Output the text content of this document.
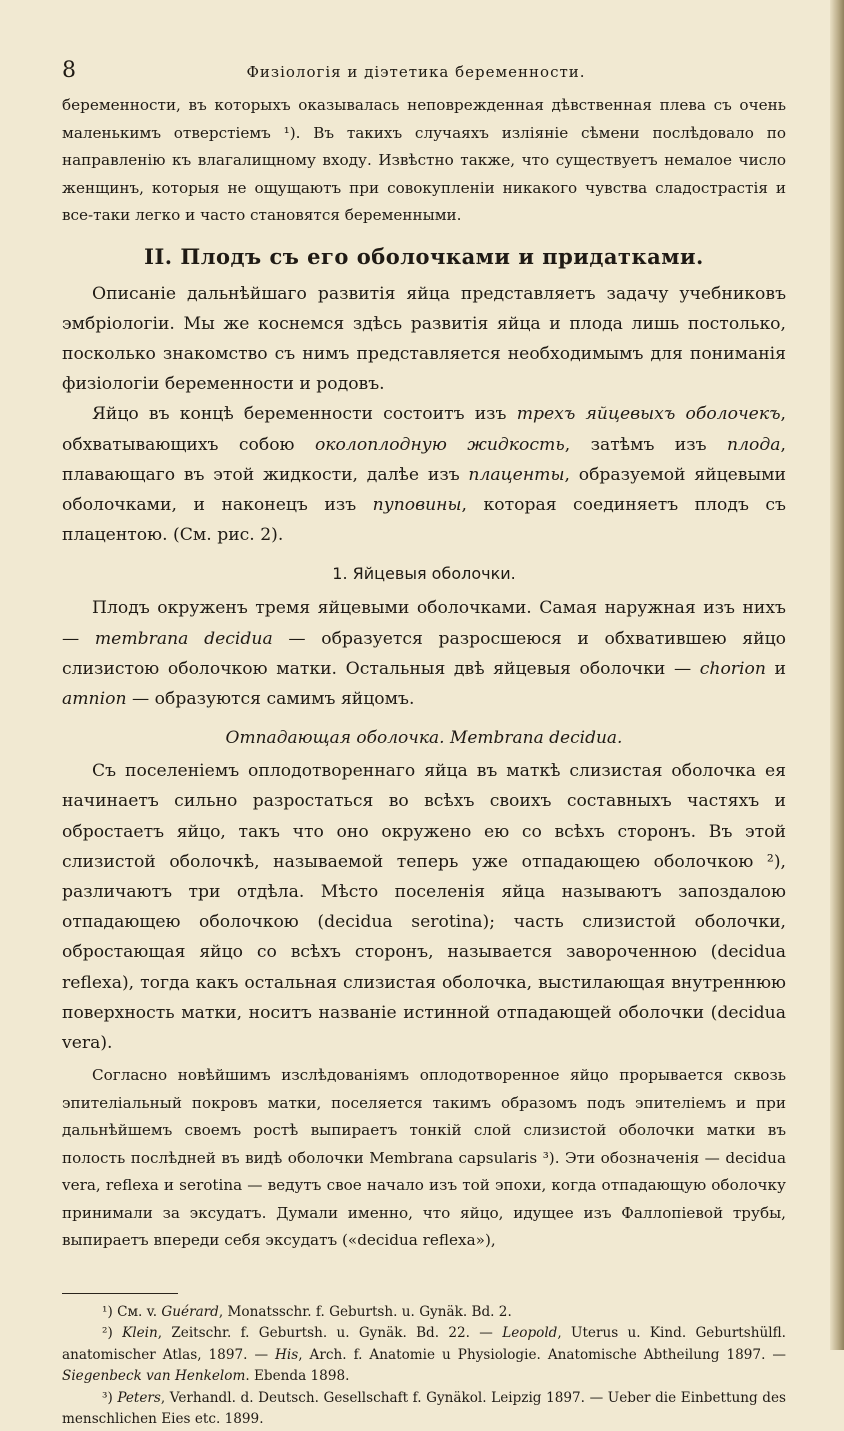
8	Физiологiя и дiэтетика беременности.

беременности, въ которыхъ оказывалась неповрежденная дѣвственная плева съ очень маленькимъ отверстiемъ ¹). Въ такихъ случаяхъ излiянiе сѣмени послѣдовало по направленiю къ влагалищному входу. Извѣстно также, что существуетъ немалое число женщинъ, которыя не ощущаютъ при совокупленiи никакого чувства сладострастiя и все-таки легко и часто становятся беременными.

II. Плодъ съ его оболочками и придатками.

Описанiе дальнѣйшаго развитiя яйца представляетъ задачу учебниковъ эмбрiологiи. Мы же коснемся здѣсь развитiя яйца и плода лишь постолько, посколько знакомство съ нимъ представляется необходимымъ для пониманiя физiологiи беременности и родовъ.

Яйцо въ концѣ беременности состоитъ изъ трехъ яйцевыхъ оболочекъ, обхватывающихъ собою околоплодную жидкость, затѣмъ изъ плода, плавающаго въ этой жидкости, далѣе изъ плаценты, образуемой яйцевыми оболочками, и наконецъ изъ пуповины, которая соединяетъ плодъ съ плацентою. (См. рис. 2).

1. Яйцевыя оболочки.

Плодъ окруженъ тремя яйцевыми оболочками. Самая наружная изъ нихъ — membrana decidua — образуется разросшеюся и обхватившею яйцо слизистою оболочкою матки. Остальныя двѣ яйцевыя оболочки — chorion и amnion — образуются самимъ яйцомъ.

Отпадающая оболочка. Membrana decidua.

Съ поселенiемъ оплодотвореннаго яйца въ маткѣ слизистая оболочка ея начинаетъ сильно разростаться во всѣхъ своихъ составныхъ частяхъ и обростаетъ яйцо, такъ что оно окружено ею со всѣхъ сторонъ. Въ этой слизистой оболочкѣ, называемой теперь уже отпадающею оболочкою ²), различаютъ три отдѣла. Мѣсто поселенiя яйца называютъ запоздалою отпадающею оболочкою (decidua serotina); часть слизистой оболочки, обростающая яйцо со всѣхъ сторонъ, называется завороченною (decidua reflexa), тогда какъ остальная слизистая оболочка, выстилающая внутреннюю поверхность матки, носитъ названiе истинной отпадающей оболочки (decidua vera).

Согласно новѣйшимъ изслѣдованiямъ оплодотворенное яйцо прорывается сквозь эпителiальный покровъ матки, поселяется такимъ образомъ подъ эпителiемъ и при дальнѣйшемъ своемъ ростѣ выпираетъ тонкiй слой слизистой оболочки матки въ полость послѣдней въ видѣ оболочки Membrana capsularis ³). Эти обозначенiя — decidua vera, reflexa и serotina — ведутъ свое начало изъ той эпохи, когда отпадающую оболочку принимали за эксудатъ. Думали именно, что яйцо, идущее изъ Фаллопiевой трубы, выпираетъ впереди себя эксудатъ («decidua reflexa»),

¹) См. v. Guérard, Monatsschr. f. Geburtsh. u. Gynäk. Bd. 2.

²) Klein, Zeitschr. f. Geburtsh. u. Gynäk. Bd. 22. — Leopold, Uterus u. Kind. Geburtshülfl. anatomischer Atlas, 1897. — His, Arch. f. Anatomie u Physiologie. Anatomische Abtheilung 1897. — Siegenbeck van Henkelom. Ebenda 1898.

³) Peters, Verhandl. d. Deutsch. Gesellschaft f. Gynäkol. Leipzig 1897. — Ueber die Einbettung des menschlichen Eies etc. 1899.
